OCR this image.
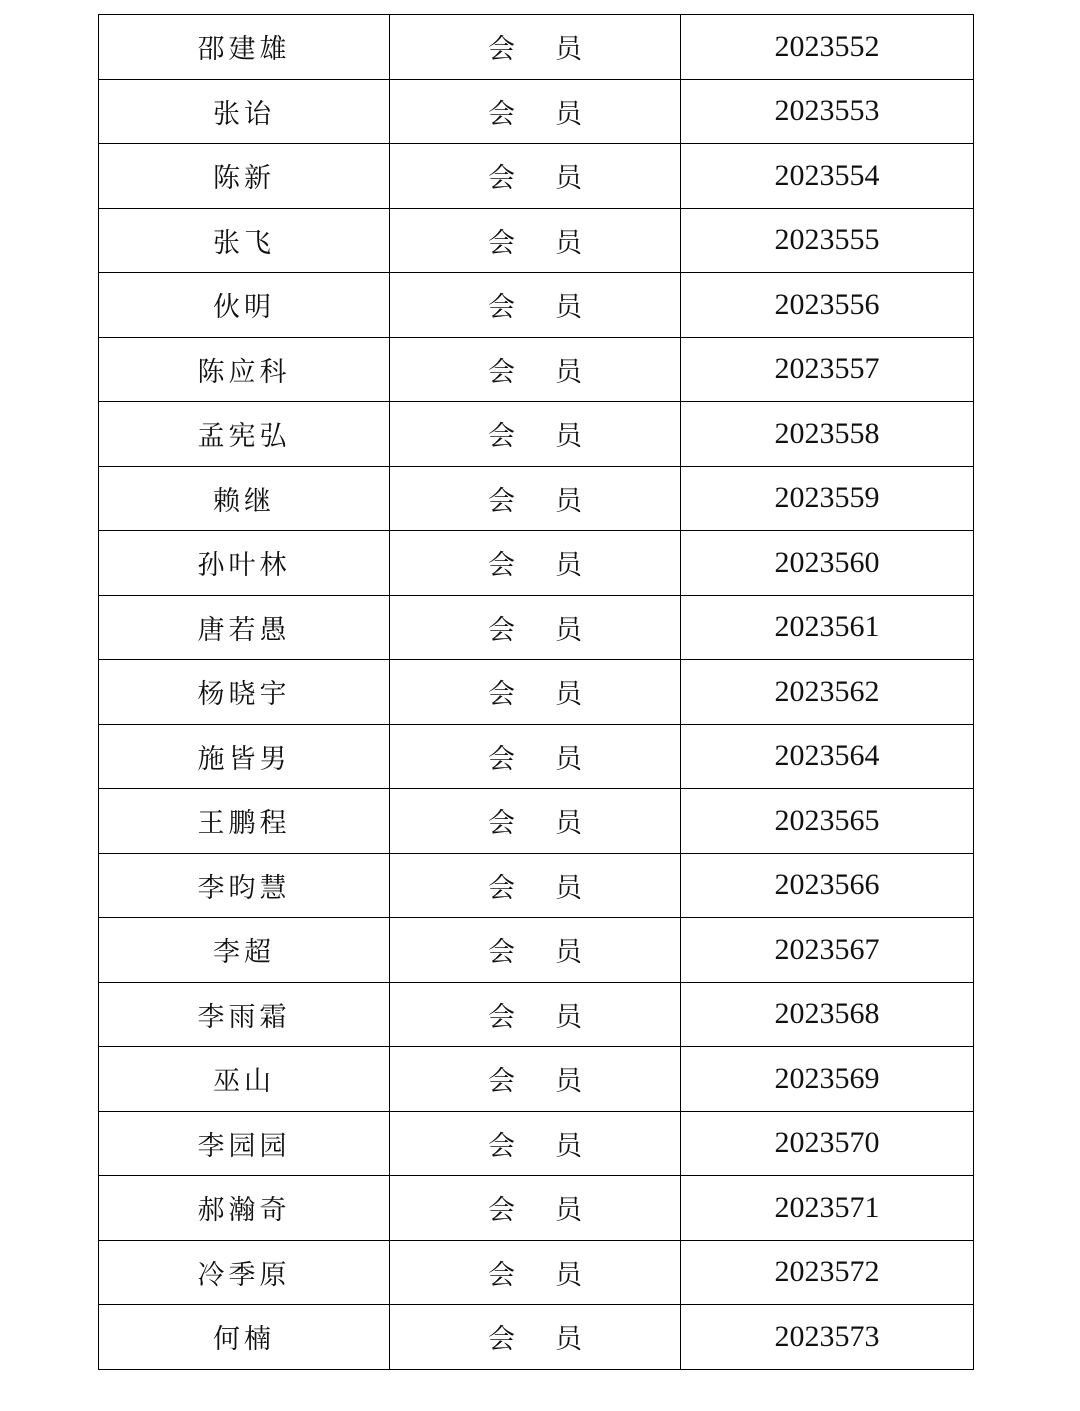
邵建雄	会员	2023552
张诒	会员	2023553
陈新	会员	2023554
张飞	会员	2023555
伙明	会员	2023556
陈应科	会员	2023557
孟宪弘	会员	2023558
赖继	会员	2023559
孙叶林	会员	2023560
唐若愚	会员	2023561
杨晓宇	会员	2023562
施皆男	会员	2023564
王鹏程	会员	2023565
李昀慧	会员	2023566
李超	会员	2023567
李雨霜	会员	2023568
巫山	会员	2023569
李园园	会员	2023570
郝瀚奇	会员	2023571
冷季原	会员	2023572
何楠	会员	2023573
